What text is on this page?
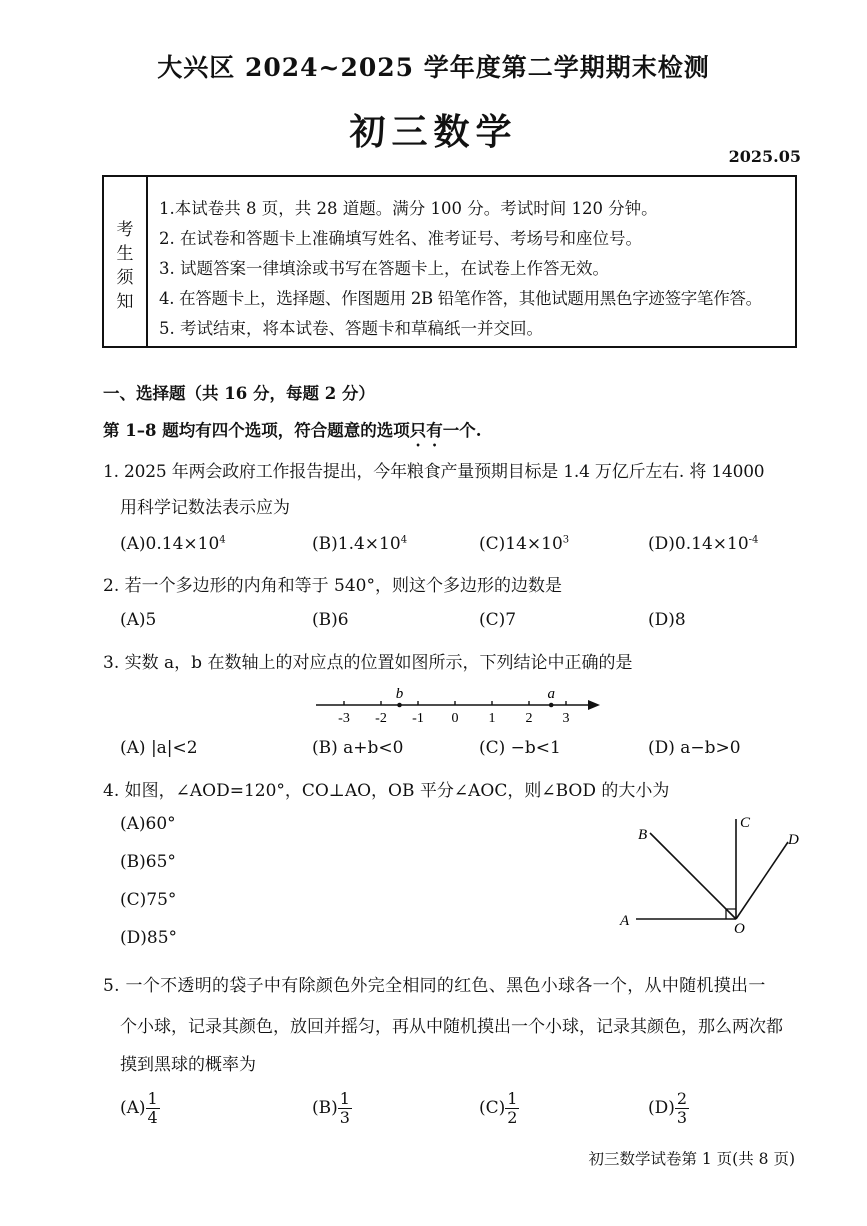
大兴区 2024~2025 学年度第二学期期末检测
初三数学
2025.05
考
生
须
知
1.本试卷共 8 页，共 28 道题。满分 100 分。考试时间 120 分钟。
2. 在试卷和答题卡上准确填写姓名、准考证号、考场号和座位号。
3. 试题答案一律填涂或书写在答题卡上，在试卷上作答无效。
4. 在答题卡上，选择题、作图题用 2B 铅笔作答，其他试题用黑色字迹签字笔作答。
5. 考试结束，将本试卷、答题卡和草稿纸一并交回。
一、选择题（共 16 分，每题 2 分）
第 1–8 题均有四个选项，符合题意的选项只有一个.
1. 2025 年两会政府工作报告提出，今年粮食产量预期目标是 1.4 万亿斤左右. 将 14000
用科学记数法表示应为
$(A)0.14\times 10^4$	$(B)1.4\times 10^4$	$(C)14\times 10^3$	$(D)0.14\times 10^{-4}$
2. 若一个多边形的内角和等于 540°，则这个多边形的边数是
(A)5	(B)6	(C)7	(D)8
3. 实数 a，b 在数轴上的对应点的位置如图所示，下列结论中正确的是
-3 -2 -1 0 1 2 3
b	a
(A) |a|<2	(B) a+b<0	(C) −b<1	(D) a−b>0
4. 如图，∠AOD=120°，CO⊥AO，OB 平分∠AOC，则∠BOD 的大小为
(A)60°
(B)65°
(C)75°
(D)85°
A
B
C
D
O
5. 一个不透明的袋子中有除颜色外完全相同的红色、黑色小球各一个，从中随机摸出一
个小球，记录其颜色，放回并摇匀，再从中随机摸出一个小球，记录其颜色，那么两次都
摸到黑球的概率为
$(A) \frac{1}{4}$	$(B) \frac{1}{3}$	$(C) \frac{1}{2}$	$(D) \frac{2}{3}$
初三数学试卷第 1 页(共 8 页)
